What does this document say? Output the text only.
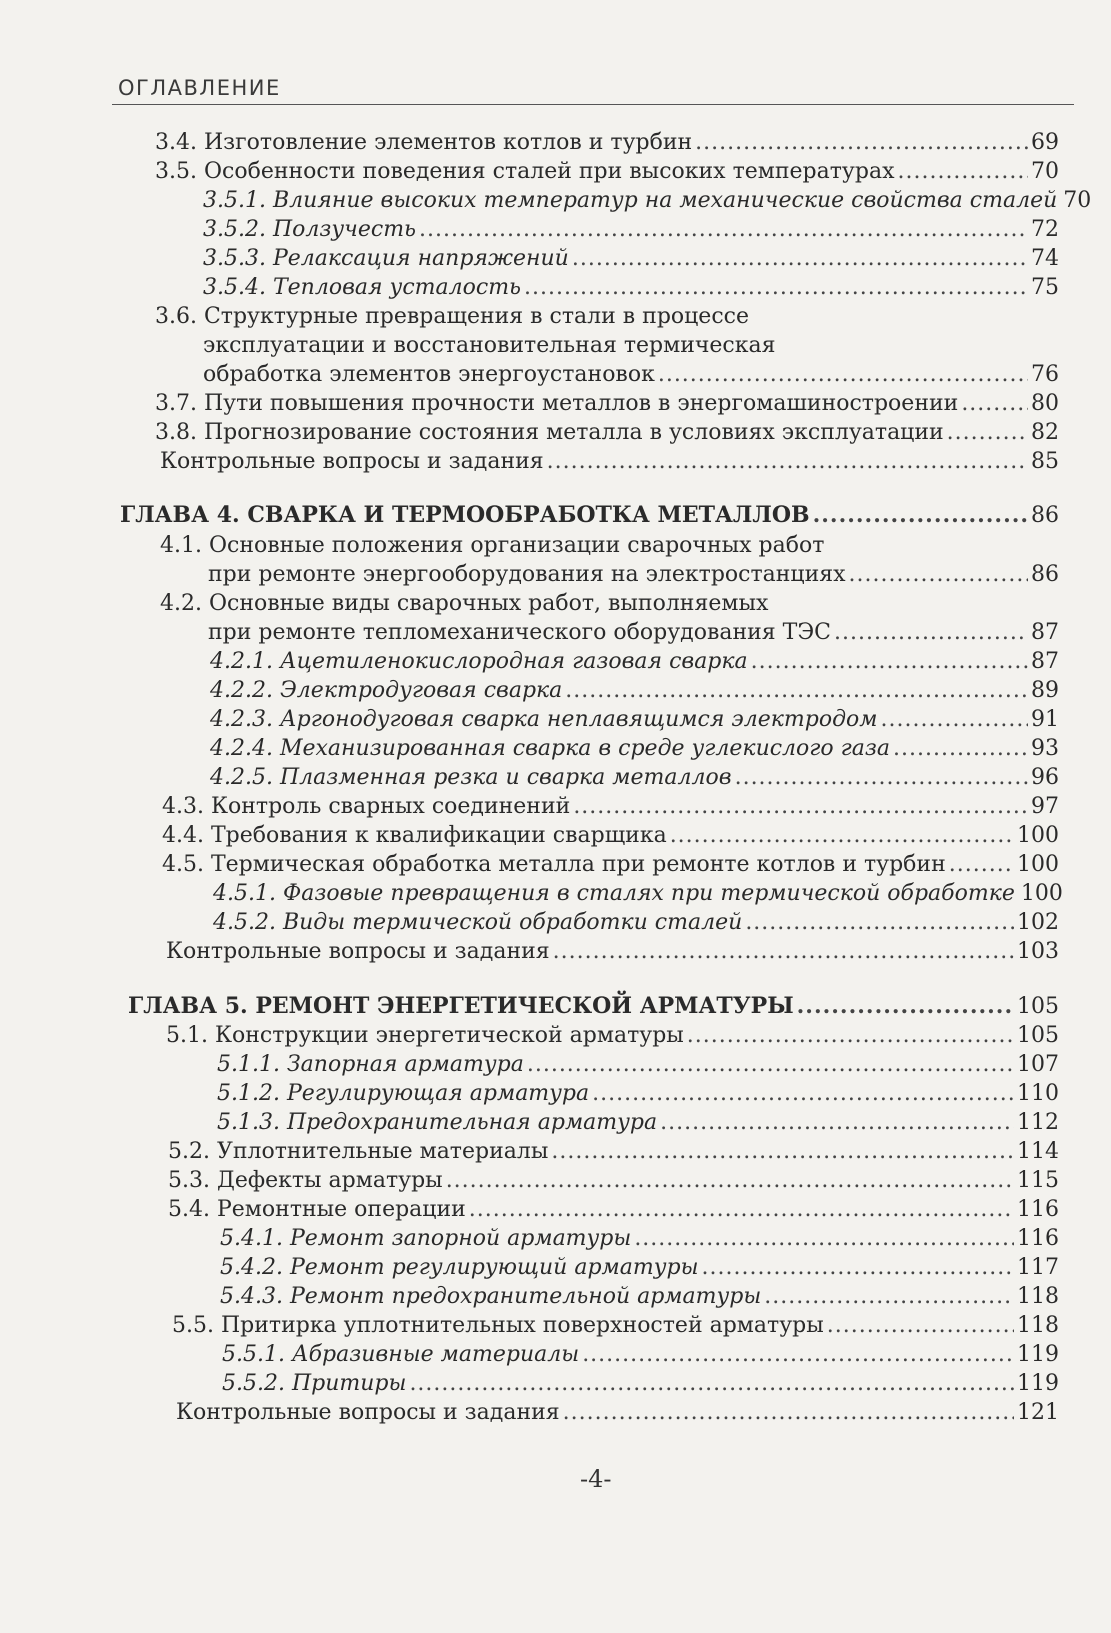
ОГЛАВЛЕНИЕ
3.4. Изготовление элементов котлов и турбин .....	69
3.5. Особенности поведения сталей при высоких температурах .....	70
3.5.1. Влияние высоких температур на механические свойства сталей 70
3.5.2. Ползучесть .....	72
3.5.3. Релаксация напряжений .....	74
3.5.4. Тепловая усталость .....	75
3.6. Структурные превращения в стали в процессе
эксплуатации и восстановительная термическая
обработка элементов энергоустановок .....	76
3.7. Пути повышения прочности металлов в энергомашиностроении .....	80
3.8. Прогнозирование состояния металла в условиях эксплуатации .....	82
Контрольные вопросы и задания .....	85
ГЛАВА 4. СВАРКА И ТЕРМООБРАБОТКА МЕТАЛЛОВ .....	86
4.1. Основные положения организации сварочных работ
при ремонте энергооборудования на электростанциях .....	86
4.2. Основные виды сварочных работ, выполняемых
при ремонте тепломеханического оборудования ТЭС .....	87
4.2.1. Ацетиленокислородная газовая сварка .....	87
4.2.2. Электродуговая сварка .....	89
4.2.3. Аргонодуговая сварка неплавящимся электродом .....	91
4.2.4. Механизированная сварка в среде углекислого газа .....	93
4.2.5. Плазменная резка и сварка металлов .....	96
4.3. Контроль сварных соединений .....	97
4.4. Требования к квалификации сварщика .....	100
4.5. Термическая обработка металла при ремонте котлов и турбин .....	100
4.5.1. Фазовые превращения в сталях при термической обработке 100
4.5.2. Виды термической обработки сталей .....	102
Контрольные вопросы и задания .....	103
ГЛАВА 5. РЕМОНТ ЭНЕРГЕТИЧЕСКОЙ АРМАТУРЫ .....	105
5.1. Конструкции энергетической арматуры .....	105
5.1.1. Запорная арматура .....	107
5.1.2. Регулирующая арматура .....	110
5.1.3. Предохранительная арматура .....	112
5.2. Уплотнительные материалы .....	114
5.3. Дефекты арматуры .....	115
5.4. Ремонтные операции .....	116
5.4.1. Ремонт запорной арматуры .....	116
5.4.2. Ремонт регулирующий арматуры .....	117
5.4.3. Ремонт предохранительной арматуры .....	118
5.5. Притирка уплотнительных поверхностей арматуры .....	118
5.5.1. Абразивные материалы .....	119
5.5.2. Притиры .....	119
Контрольные вопросы и задания .....	121
-4-
